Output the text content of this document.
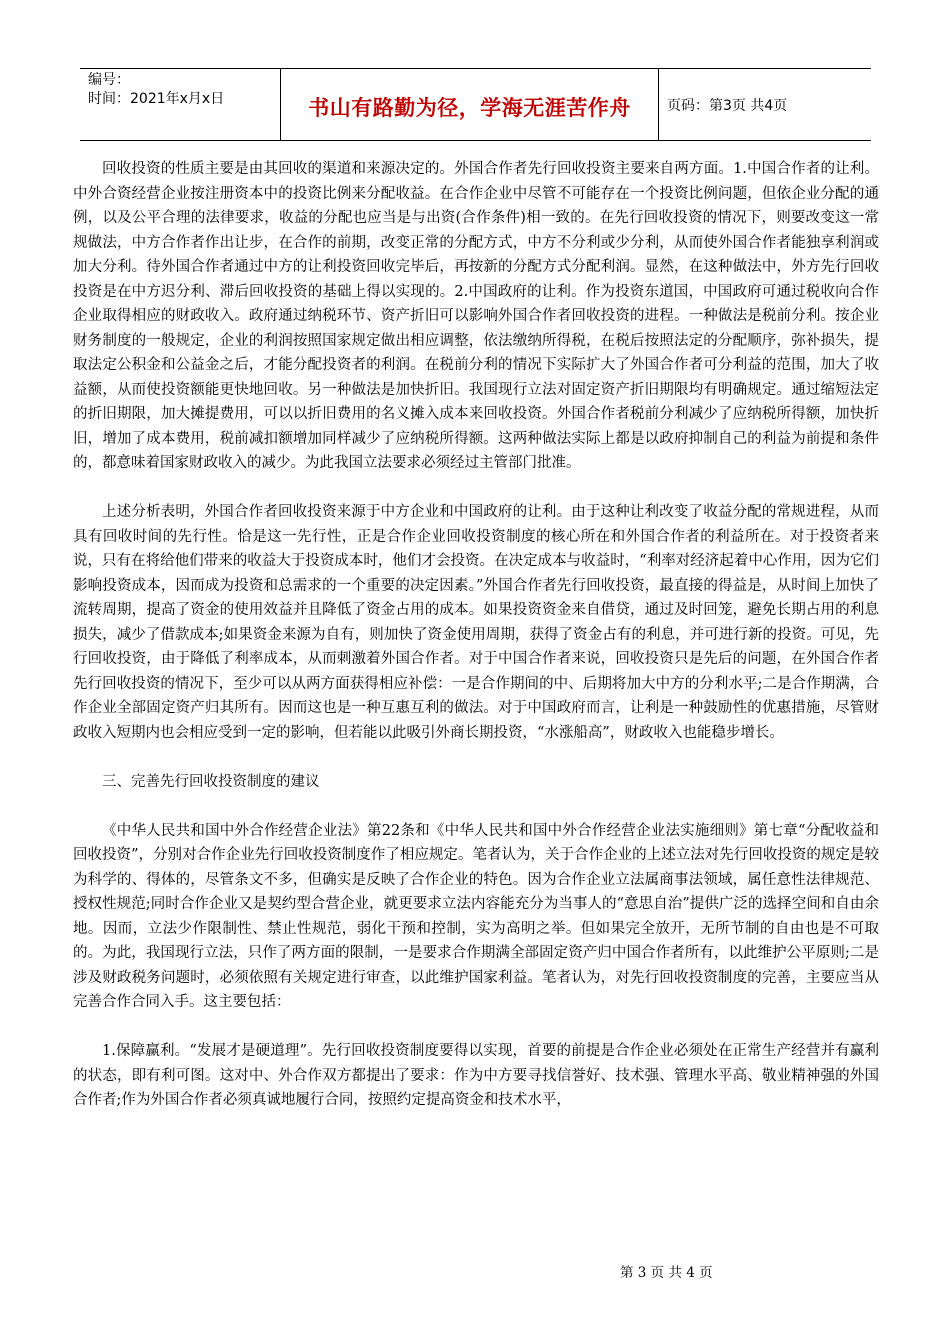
编号：
时间：2021年x月x日	书山有路勤为径，学海无涯苦作舟	页码：第3页 共4页

回收投资的性质主要是由其回收的渠道和来源决定的。外国合作者先行回收投资主要来自两方面。1.中国合作者的让利。中外合资经营企业按注册资本中的投资比例来分配收益。在合作企业中尽管不可能存在一个投资比例问题，但依企业分配的通例，以及公平合理的法律要求，收益的分配也应当是与出资(合作条件)相一致的。在先行回收投资的情况下，则要改变这一常规做法，中方合作者作出让步，在合作的前期，改变正常的分配方式，中方不分利或少分利，从而使外国合作者能独享利润或加大分利。待外国合作者通过中方的让利投资回收完毕后，再按新的分配方式分配利润。显然，在这种做法中，外方先行回收投资是在中方迟分利、滞后回收投资的基础上得以实现的。2.中国政府的让利。作为投资东道国，中国政府可通过税收向合作企业取得相应的财政收入。政府通过纳税环节、资产折旧可以影响外国合作者回收投资的进程。一种做法是税前分利。按企业财务制度的一般规定，企业的利润按照国家规定做出相应调整，依法缴纳所得税，在税后按照法定的分配顺序，弥补损失，提取法定公积金和公益金之后，才能分配投资者的利润。在税前分利的情况下实际扩大了外国合作者可分利益的范围，加大了收益额，从而使投资额能更快地回收。另一种做法是加快折旧。我国现行立法对固定资产折旧期限均有明确规定。通过缩短法定的折旧期限，加大摊提费用，可以以折旧费用的名义摊入成本来回收投资。外国合作者税前分利减少了应纳税所得额，加快折旧，增加了成本费用，税前减扣额增加同样减少了应纳税所得额。这两种做法实际上都是以政府抑制自己的利益为前提和条件的，都意味着国家财政收入的减少。为此我国立法要求必须经过主管部门批准。

上述分析表明，外国合作者回收投资来源于中方企业和中国政府的让利。由于这种让利改变了收益分配的常规进程，从而具有回收时间的先行性。恰是这一先行性，正是合作企业回收投资制度的核心所在和外国合作者的利益所在。对于投资者来说，只有在将给他们带来的收益大于投资成本时，他们才会投资。在决定成本与收益时，“利率对经济起着中心作用，因为它们影响投资成本，因而成为投资和总需求的一个重要的决定因素。”外国合作者先行回收投资，最直接的得益是，从时间上加快了流转周期，提高了资金的使用效益并且降低了资金占用的成本。如果投资资金来自借贷，通过及时回笼，避免长期占用的利息损失，减少了借款成本;如果资金来源为自有，则加快了资金使用周期，获得了资金占有的利息，并可进行新的投资。可见，先行回收投资，由于降低了利率成本，从而刺激着外国合作者。对于中国合作者来说，回收投资只是先后的问题，在外国合作者先行回收投资的情况下，至少可以从两方面获得相应补偿：一是合作期间的中、后期将加大中方的分利水平;二是合作期满，合作企业全部固定资产归其所有。因而这也是一种互惠互利的做法。对于中国政府而言，让利是一种鼓励性的优惠措施，尽管财政收入短期内也会相应受到一定的影响，但若能以此吸引外商长期投资，“水涨船高”，财政收入也能稳步增长。

三、完善先行回收投资制度的建议

《中华人民共和国中外合作经营企业法》第22条和《中华人民共和国中外合作经营企业法实施细则》第七章“分配收益和回收投资”，分别对合作企业先行回收投资制度作了相应规定。笔者认为，关于合作企业的上述立法对先行回收投资的规定是较为科学的、得体的，尽管条文不多，但确实是反映了合作企业的特色。因为合作企业立法属商事法领域，属任意性法律规范、授权性规范;同时合作企业又是契约型合营企业，就更要求立法内容能充分为当事人的“意思自治”提供广泛的选择空间和自由余地。因而，立法少作限制性、禁止性规范，弱化干预和控制，实为高明之举。但如果完全放开，无所节制的自由也是不可取的。为此，我国现行立法，只作了两方面的限制，一是要求合作期满全部固定资产归中国合作者所有，以此维护公平原则;二是涉及财政税务问题时，必须依照有关规定进行审查，以此维护国家利益。笔者认为，对先行回收投资制度的完善，主要应当从完善合作合同入手。这主要包括：

1.保障赢利。“发展才是硬道理”。先行回收投资制度要得以实现，首要的前提是合作企业必须处在正常生产经营并有赢利的状态，即有利可图。这对中、外合作双方都提出了要求：作为中方要寻找信誉好、技术强、管理水平高、敬业精神强的外国合作者;作为外国合作者必须真诚地履行合同，按照约定提高资金和技术水平，

第 3 页 共 4 页
